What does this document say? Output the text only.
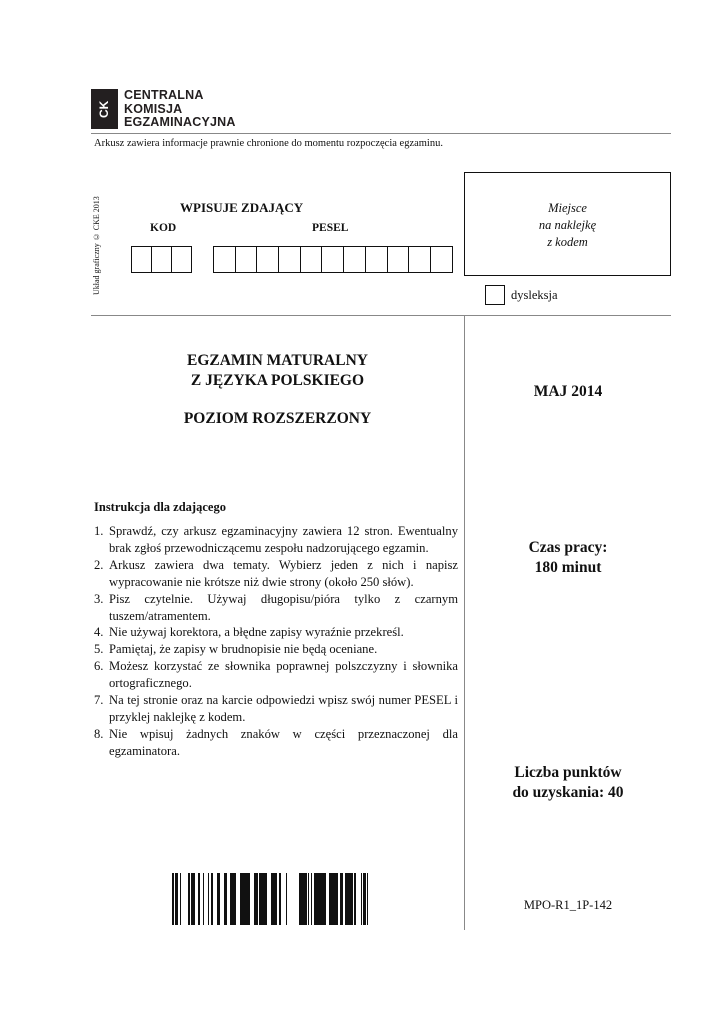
CK
CENTRALNA
KOMISJA
EGZAMINACYJNA
Arkusz zawiera informacje prawnie chronione do momentu rozpoczęcia egzaminu.
Układ graficzny © CKE 2013	WPISUJE ZDAJĄCY
KOD	PESEL
Miejsce
na naklejkę
z kodem
dysleksja
EGZAMIN MATURALNY
Z JĘZYKA POLSKIEGO
POZIOM ROZSZERZONY
MAJ 2014
Instrukcja dla zdającego
1. Sprawdź, czy arkusz egzaminacyjny zawiera 12 stron. Ewentualny brak zgłoś przewodniczącemu zespołu nadzorującego egzamin.
2. Arkusz zawiera dwa tematy. Wybierz jeden z nich i napisz wypracowanie nie krótsze niż dwie strony (około 250 słów).
3. Pisz czytelnie. Używaj długopisu/pióra tylko z czarnym tuszem/atramentem.
4. Nie używaj korektora, a błędne zapisy wyraźnie przekreśl.
5. Pamiętaj, że zapisy w brudnopisie nie będą oceniane.
6. Możesz korzystać ze słownika poprawnej polszczyzny i słownika ortograficznego.
7. Na tej stronie oraz na karcie odpowiedzi wpisz swój numer PESEL i przyklej naklejkę z kodem.
8. Nie wpisuj żadnych znaków w części przeznaczonej dla egzaminatora.
Czas pracy:
180 minut
Liczba punktów
do uzyskania: 40
MPO-R1_1P-142
